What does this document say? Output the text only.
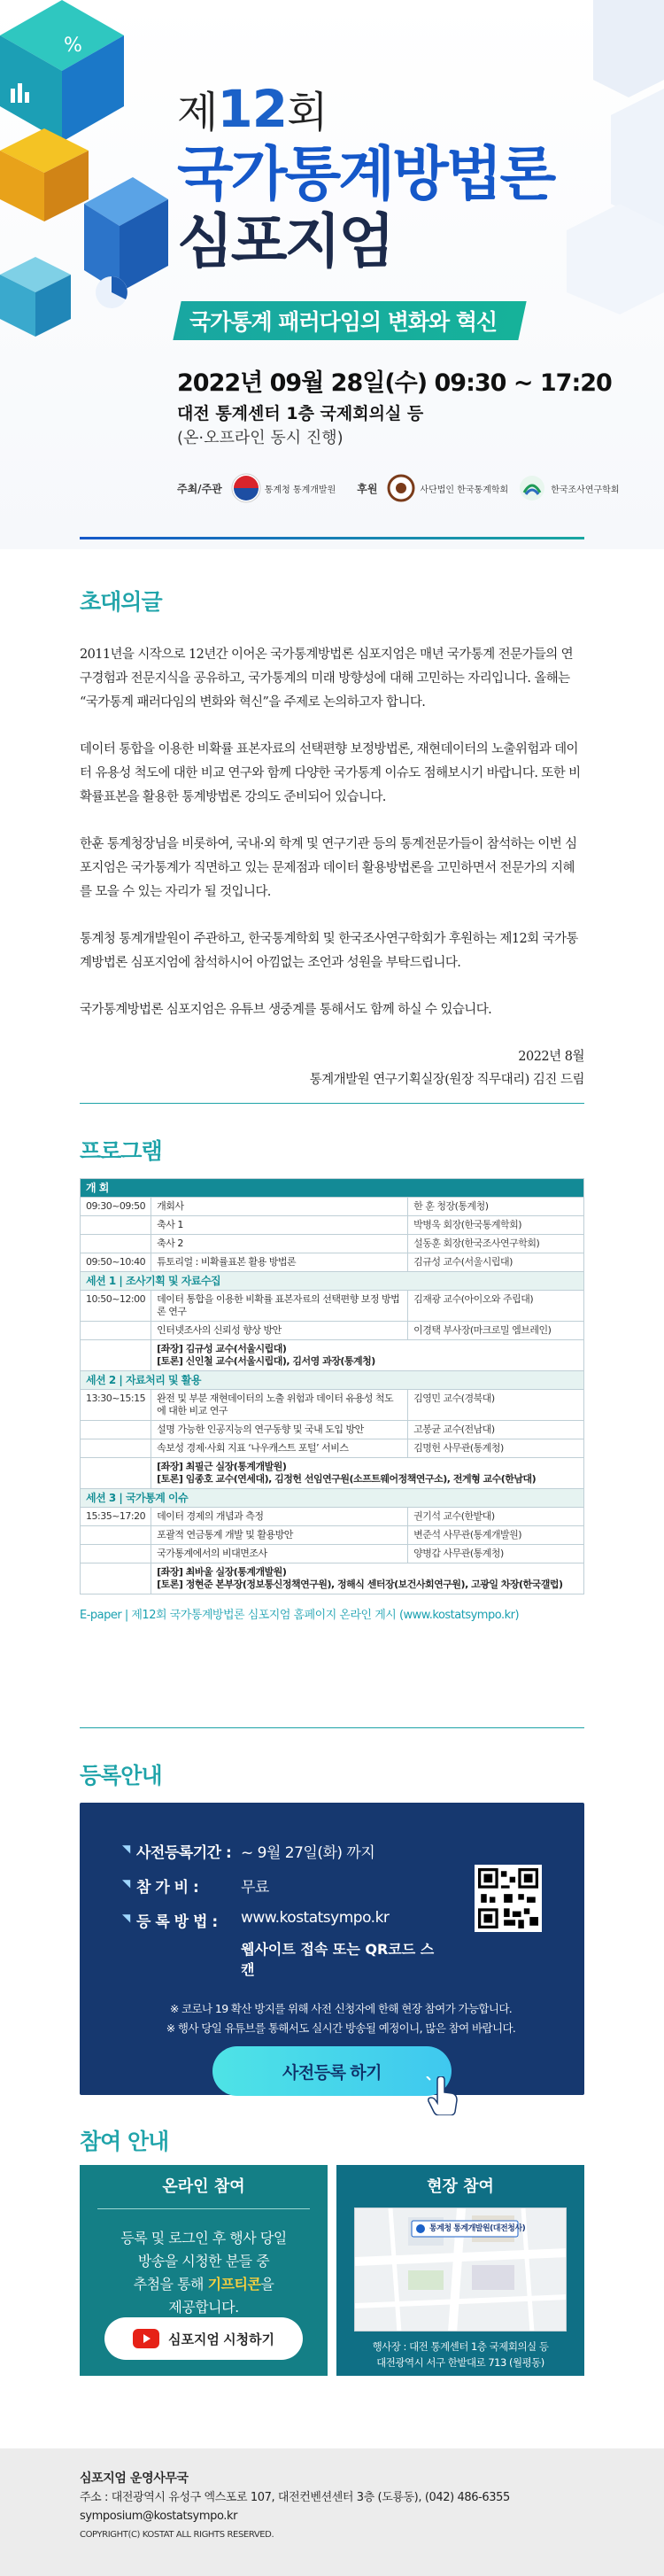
%
제12회
국가통계방법론
심포지엄
국가통계 패러다임의 변화와 혁신
2022년 09월 28일(수) 09:30 ~ 17:20
대전 통계센터 1층 국제회의실 등
(온·오프라인 동시 진행)
주최/주관	통계청 통계개발원 후원	사단법인 한국통계학회	한국조사연구학회
초대의글

2011년을 시작으로 12년간 이어온 국가통계방법론 심포지엄은 매년 국가통계 전문가들의 연구경험과 전문지식을 공유하고, 국가통계의 미래 방향성에 대해 고민하는 자리입니다. 올해는 “국가통계 패러다임의 변화와 혁신”을 주제로 논의하고자 합니다.

데이터 통합을 이용한 비확률 표본자료의 선택편향 보정방법론, 재현데이터의 노출위험과 데이터 유용성 척도에 대한 비교 연구와 함께 다양한 국가통계 이슈도 점해보시기 바랍니다. 또한 비확률표본을 활용한 통계방법론 강의도 준비되어 있습니다.

한훈 통계청장님을 비롯하여, 국내·외 학계 및 연구기관 등의 통계전문가들이 참석하는 이번 심포지엄은 국가통계가 직면하고 있는 문제점과 데이터 활용방법론을 고민하면서 전문가의 지혜를 모을 수 있는 자리가 될 것입니다.

통계청 통계개발원이 주관하고, 한국통계학회 및 한국조사연구학회가 후원하는 제12회 국가통계방법론 심포지엄에 참석하시어 아낌없는 조언과 성원을 부탁드립니다.

국가통계방법론 심포지엄은 유튜브 생중계를 통해서도 함께 하실 수 있습니다.

2022년 8월
통계개발원 연구기획실장(원장 직무대리) 김진 드림
프로그램
개 회		
09:30~09:50	개회사	한 훈 청장(통계청)
	축사 1	박병욱 회장(한국통계학회)
	축사 2	설동훈 회장(한국조사연구학회)
09:50~10:40	튜토리얼 : 비확률표본 활용 방법론	김규성 교수(서울시립대)
세션 1 | 조사기획 및 자료수집		
10:50~12:00	데이터 통합을 이용한 비확률 표본자료의 선택편향 보정 방법론 연구	김재광 교수(아이오와 주립대)
	인터넷조사의 신뢰성 향상 방안	이경택 부사장(마크로밀 엠브레인)

	[좌장] 김규성 교수(서울시립대)
[토론] 신인철 교수(서울시립대), 김서영 과장(통계청)	

세션 2 | 자료처리 및 활용		
13:30~15:15	완전 및 부분 재현데이터의 노출 위험과 데이터 유용성 척도에 대한 비교 연구	김영민 교수(경북대)
	설명 가능한 인공지능의 연구동향 및 국내 도입 방안	고봉균 교수(전남대)
	속보성 경제·사회 지표 ‘나우캐스트 포털’ 서비스	김명헌 사무관(통계청)

	[좌장] 최필근 실장(통계개발원)
[토론] 임종호 교수(연세대), 김정헌 선임연구원(소프트웨어정책연구소), 전게형 교수(한남대)	

세션 3 | 국가통계 이슈		
15:35~17:20	데이터 경제의 개념과 측정	권기석 교수(한밭대)
	포괄적 연금통계 개발 및 활용방안	변준석 사무관(통계개발원)
	국가통계에서의 비대면조사	양병갑 사무관(통계청)

	[좌장] 최바울 실장(통계개발원)
[토론] 정현준 본부장(정보통신정책연구원), 정해식 센터장(보건사회연구원), 고광일 차장(한국갤럽)	
E-paper | 제12회 국가통계방법론 심포지엄 홈페이지 온라인 게시 (www.kostatsympo.kr)
등록안내
◥ 사전등록기간 : ~ 9월 27일(화) 까지
◥ 참 가 비 :	무료
◥ 등 록 방 법 :	www.kostatsympo.kr
웹사이트 접속 또는 QR코드 스캔
※ 코로나 19 확산 방지를 위해 사전 신청자에 한해 현장 참여가 가능합니다.
※ 행사 당일 유튜브를 통해서도 실시간 방송될 예정이니, 많은 참여 바랍니다.
사전등록 하기
참여 안내
온라인 참여
등록 및 로그인 후 행사 당일
방송을 시청한 분들 중
추첨을 통해 기프티콘을
제공합니다.
심포지엄 시청하기
현장 참여
통계청 통계개발원(대전청사)
행사장 : 대전 통계센터 1층 국제회의실 등
대전광역시 서구 한밭대로 713 (월평동)
심포지엄 운영사무국
주소 : 대전광역시 유성구 엑스포로 107, 대전컨벤션센터 3층 (도룡동), (042) 486-6355
symposium@kostatsympo.kr
COPYRIGHT(C) KOSTAT ALL RIGHTS RESERVED.
